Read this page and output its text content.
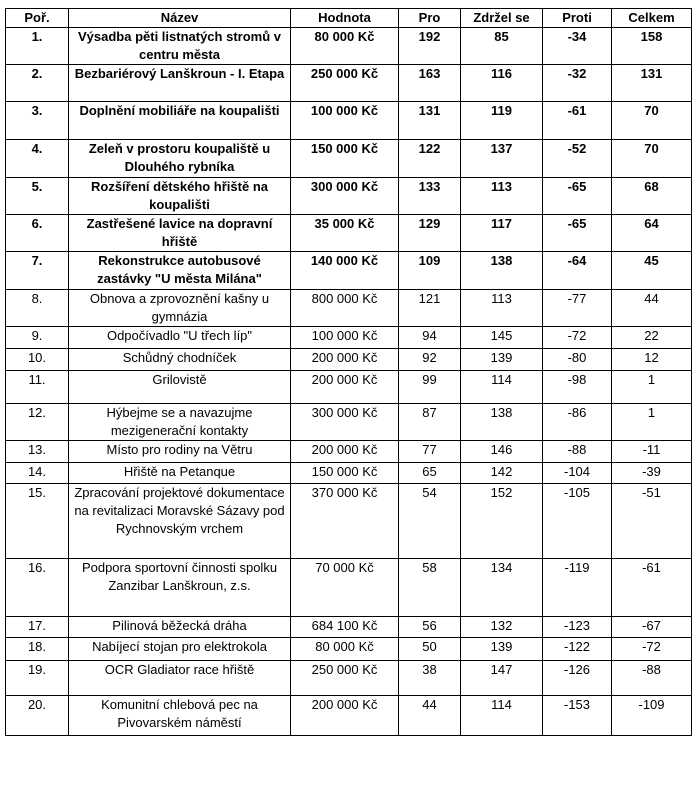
Poř.	Název	Hodnota	Pro	Zdržel se	Proti	Celkem
1.	Výsadba pěti listnatých stromů v centru města	80 000 Kč	192	85	-34	158
2.	Bezbariérový Lanškroun - I. Etapa	250 000 Kč	163	116	-32	131
3.	Doplnění mobiliáře na koupališti	100 000 Kč	131	119	-61	70
4.	Zeleň v prostoru koupaliště u Dlouhého rybníka	150 000 Kč	122	137	-52	70
5.	Rozšíření dětského hřiště na koupališti	300 000 Kč	133	113	-65	68
6.	Zastřešené lavice na dopravní hřiště	35 000 Kč	129	117	-65	64
7.	Rekonstrukce autobusové zastávky "U města Milána"	140 000 Kč	109	138	-64	45
8.	Obnova a zprovoznění kašny u gymnázia	800 000 Kč	121	113	-77	44
9.	Odpočívadlo "U třech líp"	100 000 Kč	94	145	-72	22
10.	Schůdný chodníček	200 000 Kč	92	139	-80	12
11.	Grilovistě	200 000 Kč	99	114	-98	1
12.	Hýbejme se a navazujme mezigenerační kontakty	300 000 Kč	87	138	-86	1
13.	Místo pro rodiny na Větru	200 000 Kč	77	146	-88	-11
14.	Hřiště na Petanque	150 000 Kč	65	142	-104	-39
15.	Zpracování projektové dokumentace na revitalizaci Moravské Sázavy pod Rychnovským vrchem	370 000 Kč	54	152	-105	-51
16.	Podpora sportovní činnosti spolku Zanzibar Lanškroun, z.s.	70 000 Kč	58	134	-119	-61
17.	Pilinová běžecká dráha	684 100 Kč	56	132	-123	-67
18.	Nabíjecí stojan pro elektrokola	80 000 Kč	50	139	-122	-72
19.	OCR Gladiator race hřiště	250 000 Kč	38	147	-126	-88
20.	Komunitní chlebová pec na Pivovarském náměstí	200 000 Kč	44	114	-153	-109
